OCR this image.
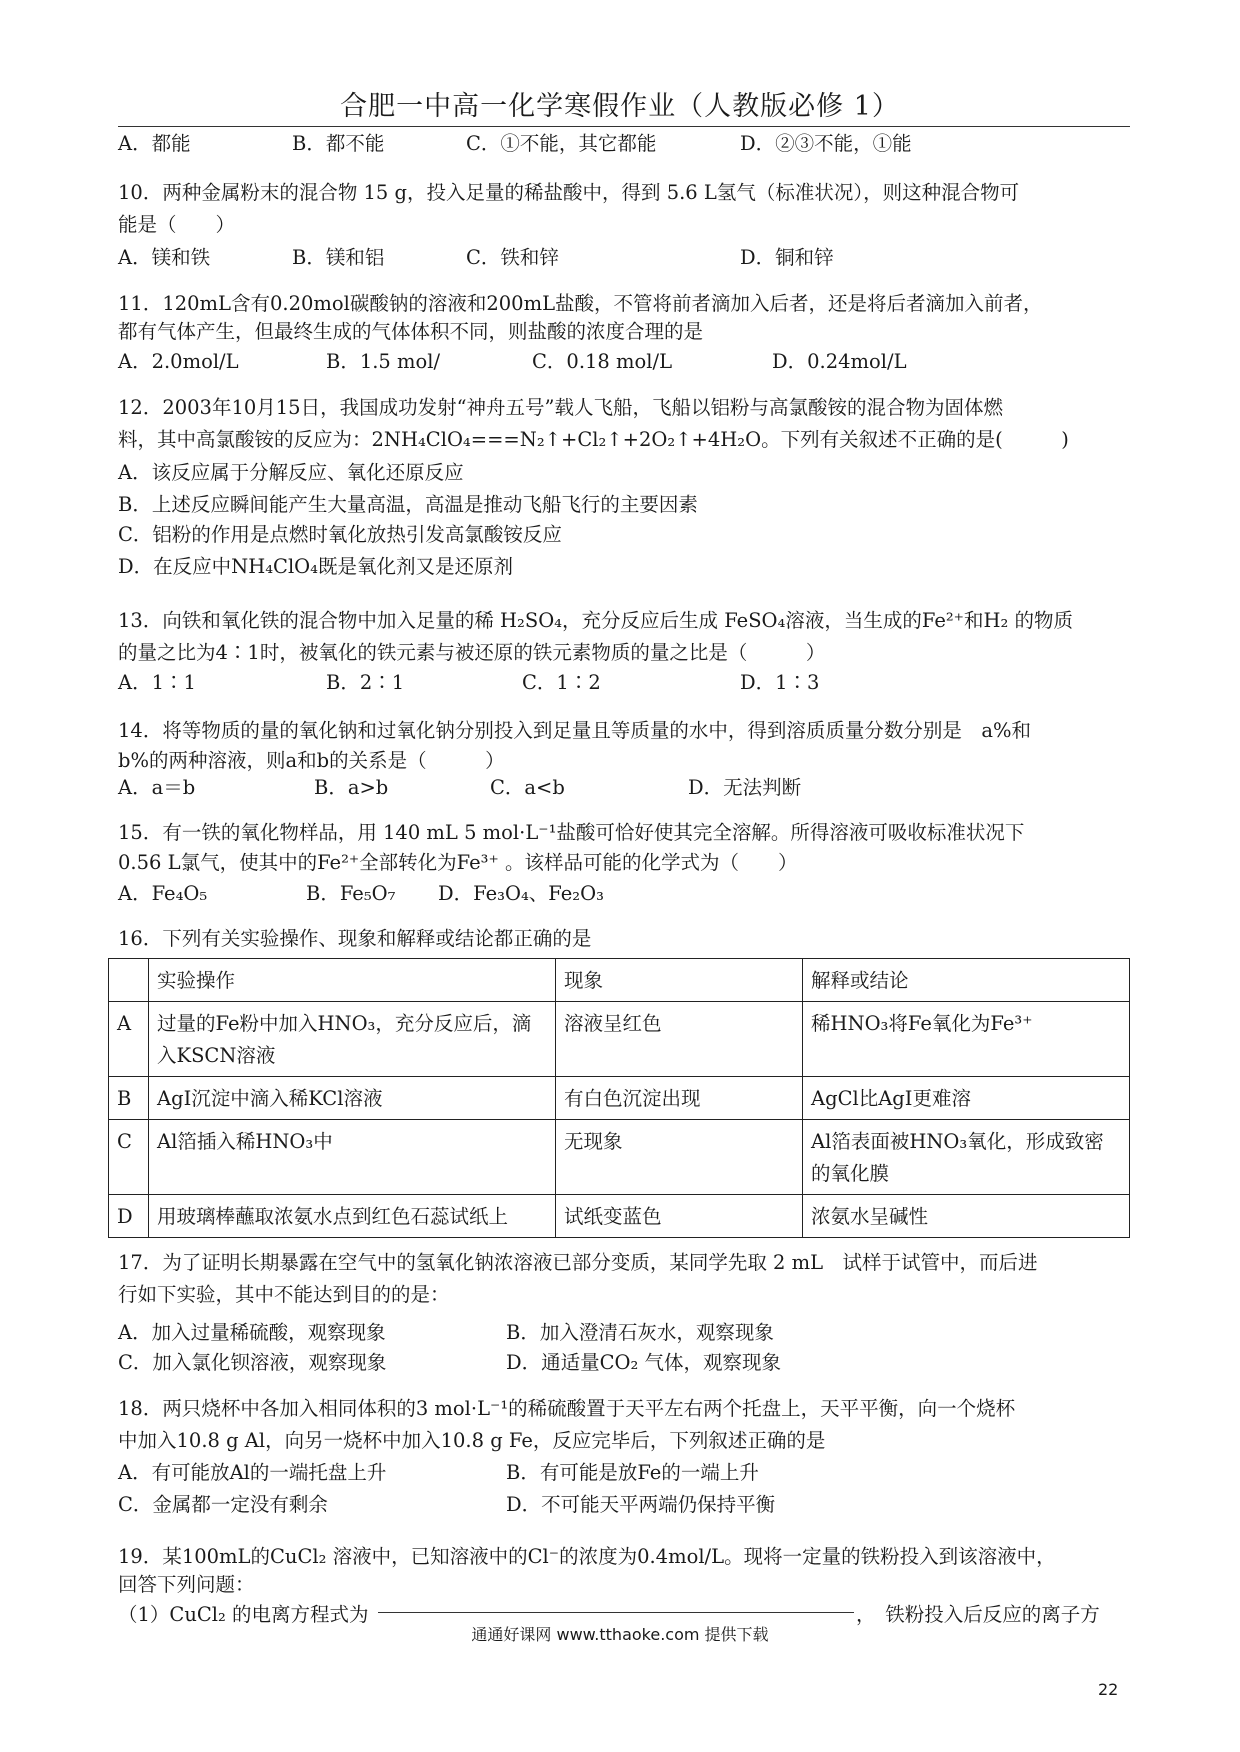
合肥一中高一化学寒假作业（人教版必修 1）
A．都能	B．都不能	C．①不能，其它都能	D．②③不能，①能
10．两种金属粉末的混合物 15 g，投入足量的稀盐酸中，得到 5.6 L氢气（标准状况），则这种混合物可
能是（　　）
A．镁和铁	B．镁和铝	C．铁和锌	D．铜和锌
11．120mL含有0.20mol碳酸钠的溶液和200mL盐酸，不管将前者滴加入后者，还是将后者滴加入前者，
都有气体产生，但最终生成的气体体积不同，则盐酸的浓度合理的是
A．2.0mol/L	B．1.5 mol/	C．0.18 mol/L	D．0.24mol/L
12．2003年10月15日，我国成功发射“神舟五号”载人飞船，飞船以铝粉与高氯酸铵的混合物为固体燃
料，其中高氯酸铵的反应为：2NH₄ClO₄===N₂↑+Cl₂↑+2O₂↑+4H₂O。下列有关叙述不正确的是(　　　)
A．该反应属于分解反应、氧化还原反应
B．上述反应瞬间能产生大量高温，高温是推动飞船飞行的主要因素
C．铝粉的作用是点燃时氧化放热引发高氯酸铵反应
D．在反应中NH₄ClO₄既是氧化剂又是还原剂
13．向铁和氧化铁的混合物中加入足量的稀 H₂SO₄，充分反应后生成 FeSO₄溶液，当生成的Fe²⁺和H₂ 的物质
的量之比为4∶1时，被氧化的铁元素与被还原的铁元素物质的量之比是（　　　）
A．1∶1	B．2∶1	C．1∶2	D．1∶3
14．将等物质的量的氧化钠和过氧化钠分别投入到足量且等质量的水中，得到溶质质量分数分别是　a%和
b%的两种溶液，则a和b的关系是（　　　）
A．a＝b	B．a>b	C．a<b	D．无法判断
15．有一铁的氧化物样品，用 140 mL 5 mol·L⁻¹盐酸可恰好使其完全溶解。所得溶液可吸收标准状况下
0.56 L氯气，使其中的Fe²⁺全部转化为Fe³⁺ 。该样品可能的化学式为（　　）
A．Fe₄O₅	B．Fe₅O₇ D．Fe₃O₄、Fe₂O₃
16．下列有关实验操作、现象和解释或结论都正确的是
	实验操作	现象	解释或结论
A	过量的Fe粉中加入HNO₃，充分反应后，滴入KSCN溶液	溶液呈红色	稀HNO₃将Fe氧化为Fe³⁺
B	AgI沉淀中滴入稀KCl溶液	有白色沉淀出现	AgCl比AgI更难溶
C	Al箔插入稀HNO₃中	无现象	Al箔表面被HNO₃氧化，形成致密的氧化膜
D	用玻璃棒蘸取浓氨水点到红色石蕊试纸上	试纸变蓝色	浓氨水呈碱性
17．为了证明长期暴露在空气中的氢氧化钠浓溶液已部分变质，某同学先取 2 mL　试样于试管中，而后进
行如下实验，其中不能达到目的的是：
A．加入过量稀硫酸，观察现象	B．加入澄清石灰水，观察现象
C．加入氯化钡溶液，观察现象	D．通适量CO₂ 气体，观察现象
18．两只烧杯中各加入相同体积的3 mol·L⁻¹的稀硫酸置于天平左右两个托盘上，天平平衡，向一个烧杯
中加入10.8 g Al，向另一烧杯中加入10.8 g Fe，反应完毕后，下列叙述正确的是
A．有可能放Al的一端托盘上升	B．有可能是放Fe的一端上升
C．金属都一定没有剩余	D．不可能天平两端仍保持平衡
19．某100mL的CuCl₂ 溶液中，已知溶液中的Cl⁻的浓度为0.4mol/L。现将一定量的铁粉投入到该溶液中，
回答下列问题：
（1）CuCl₂ 的电离方程式为	，　铁粉投入后反应的离子方
通通好课网 www.tthaoke.com 提供下载
22
